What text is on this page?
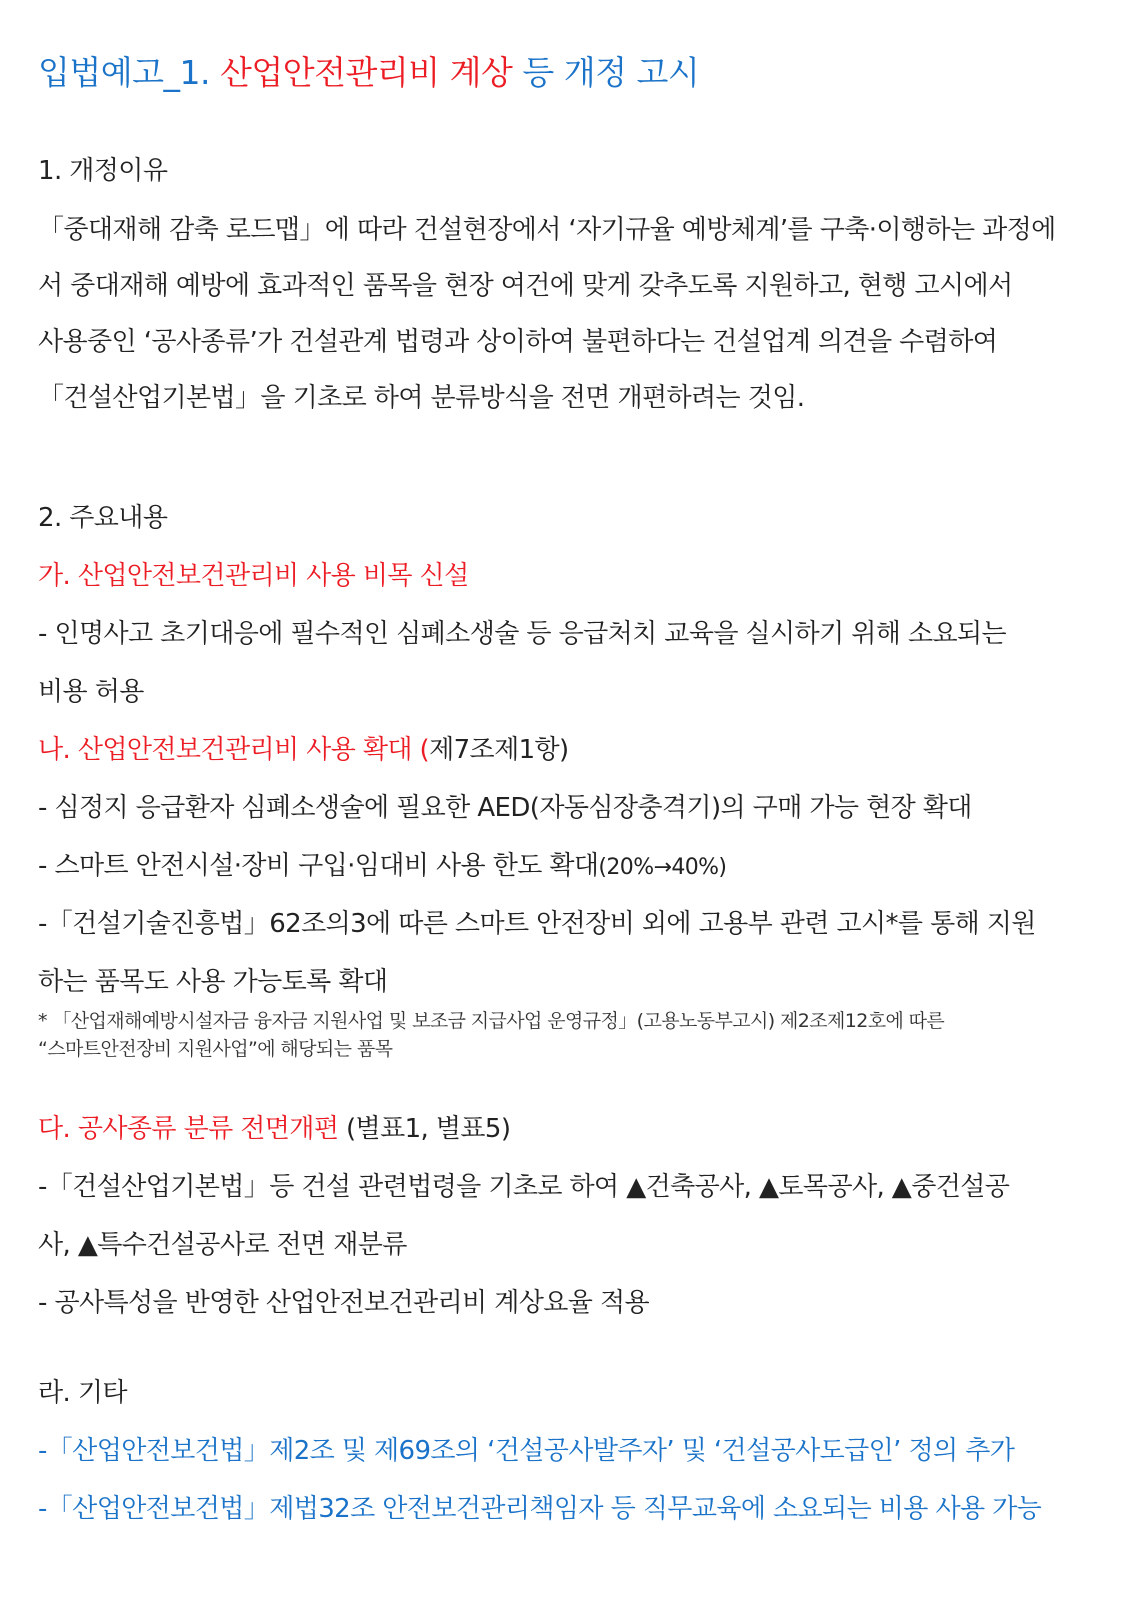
입법예고_1. 산업안전관리비 계상 등 개정 고시
1. 개정이유
「중대재해 감축 로드맵」에 따라 건설현장에서 ‘자기규율 예방체계’를 구축·이행하는 과정에
서 중대재해 예방에 효과적인 품목을 현장 여건에 맞게 갖추도록 지원하고, 현행 고시에서
사용중인 ‘공사종류’가 건설관계 법령과 상이하여 불편하다는 건설업계 의견을 수렴하여
「건설산업기본법」을 기초로 하여 분류방식을 전면 개편하려는 것임.
2. 주요내용
가. 산업안전보건관리비 사용 비목 신설
- 인명사고 초기대응에 필수적인 심폐소생술 등 응급처치 교육을 실시하기 위해 소요되는
비용 허용
나. 산업안전보건관리비 사용 확대 (제7조제1항)
- 심정지 응급환자 심폐소생술에 필요한 AED(자동심장충격기)의 구매 가능 현장 확대
- 스마트 안전시설·장비 구입·임대비 사용 한도 확대(20%→40%)
-「건설기술진흥법」62조의3에 따른 스마트 안전장비 외에 고용부 관련 고시*를 통해 지원
하는 품목도 사용 가능토록 확대
* 「산업재해예방시설자금 융자금 지원사업 및 보조금 지급사업 운영규정」(고용노동부고시) 제2조제12호에 따른
“스마트안전장비 지원사업”에 해당되는 품목
다. 공사종류 분류 전면개편 (별표1, 별표5)
-「건설산업기본법」등 건설 관련법령을 기초로 하여 ▲건축공사, ▲토목공사, ▲중건설공
사, ▲특수건설공사로 전면 재분류
- 공사특성을 반영한 산업안전보건관리비 계상요율 적용
라. 기타
-「산업안전보건법」제2조 및 제69조의 ‘건설공사발주자’ 및 ‘건설공사도급인’ 정의 추가
-「산업안전보건법」제법32조 안전보건관리책임자 등 직무교육에 소요되는 비용 사용 가능
